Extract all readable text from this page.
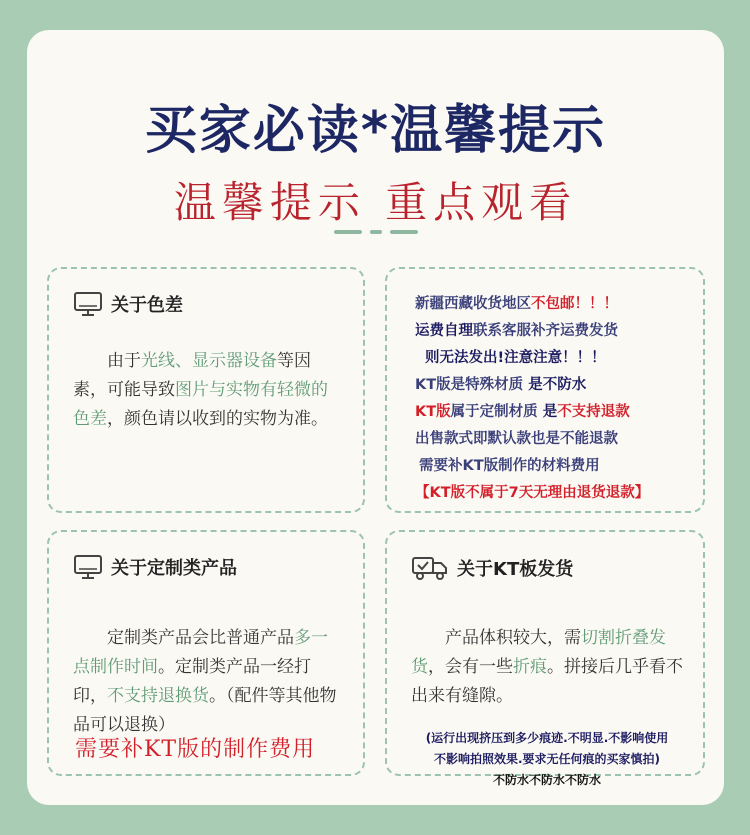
买家必读*温馨提示
温馨提示 重点观看
关于色差
由于光线、显示器设备等因素，可能导致图片与实物有轻微的色差，颜色请以收到的实物为准。
新疆西藏收货地区不包邮！！！
运费自理联系客服补齐运费发货
则无法发出!注意注意！！！
KT版是特殊材质 是不防水
KT版属于定制材质 是不支持退款
出售款式即默认款也是不能退款
需要补KT版制作的材料费用
【KT版不属于7天无理由退货退款】
关于定制类产品
定制类产品会比普通产品多一点制作时间。定制类产品一经打印，不支持退换货。（配件等其他物品可以退换）
需要补KT版的制作费用
关于KT板发货
产品体积较大，需切割折叠发货，会有一些折痕。拼接后几乎看不出来有缝隙。
(运行出现挤压到多少痕迹.不明显.不影响使用
不影响拍照效果.要求无任何痕的买家慎拍)
不防水不防水不防水
